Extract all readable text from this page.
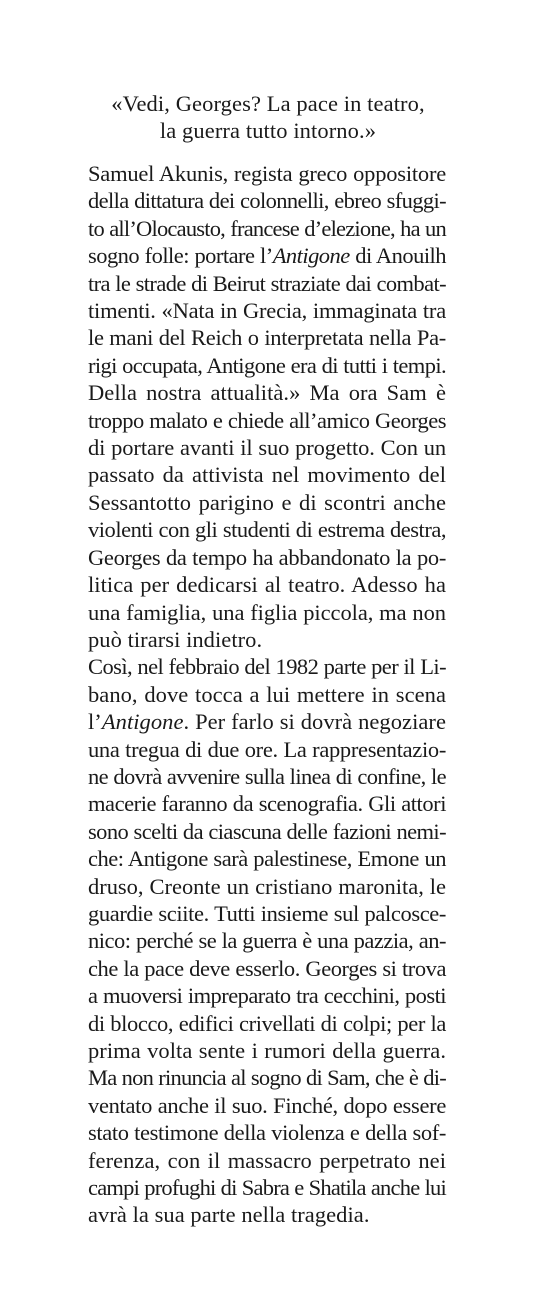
«Vedi, Georges? La pace in teatro,
la guerra tutto intorno.»
Samuel Akunis, regista greco oppositore
della dittatura dei colonnelli, ebreo sfuggi-
to all’Olocausto, francese d’elezione, ha un
sogno folle: portare l’Antigone di Anouilh
tra le strade di Beirut straziate dai combat-
timenti. «Nata in Grecia, immaginata tra
le mani del Reich o interpretata nella Pa-
rigi occupata, Antigone era di tutti i tempi.
Della nostra attualità.» Ma ora Sam è
troppo malato e chiede all’amico Georges
di portare avanti il suo progetto. Con un
passato da attivista nel movimento del
Sessantotto parigino e di scontri anche
violenti con gli studenti di estrema destra,
Georges da tempo ha abbandonato la po-
litica per dedicarsi al teatro. Adesso ha
una famiglia, una figlia piccola, ma non
può tirarsi indietro.
Così, nel febbraio del 1982 parte per il Li-
bano, dove tocca a lui mettere in scena
l’Antigone. Per farlo si dovrà negoziare
una tregua di due ore. La rappresentazio-
ne dovrà avvenire sulla linea di confine, le
macerie faranno da scenografia. Gli attori
sono scelti da ciascuna delle fazioni nemi-
che: Antigone sarà palestinese, Emone un
druso, Creonte un cristiano maronita, le
guardie sciite. Tutti insieme sul palcosce-
nico: perché se la guerra è una pazzia, an-
che la pace deve esserlo. Georges si trova
a muoversi impreparato tra cecchini, posti
di blocco, edifici crivellati di colpi; per la
prima volta sente i rumori della guerra.
Ma non rinuncia al sogno di Sam, che è di-
ventato anche il suo. Finché, dopo essere
stato testimone della violenza e della sof-
ferenza, con il massacro perpetrato nei
campi profughi di Sabra e Shatila anche lui
avrà la sua parte nella tragedia.
